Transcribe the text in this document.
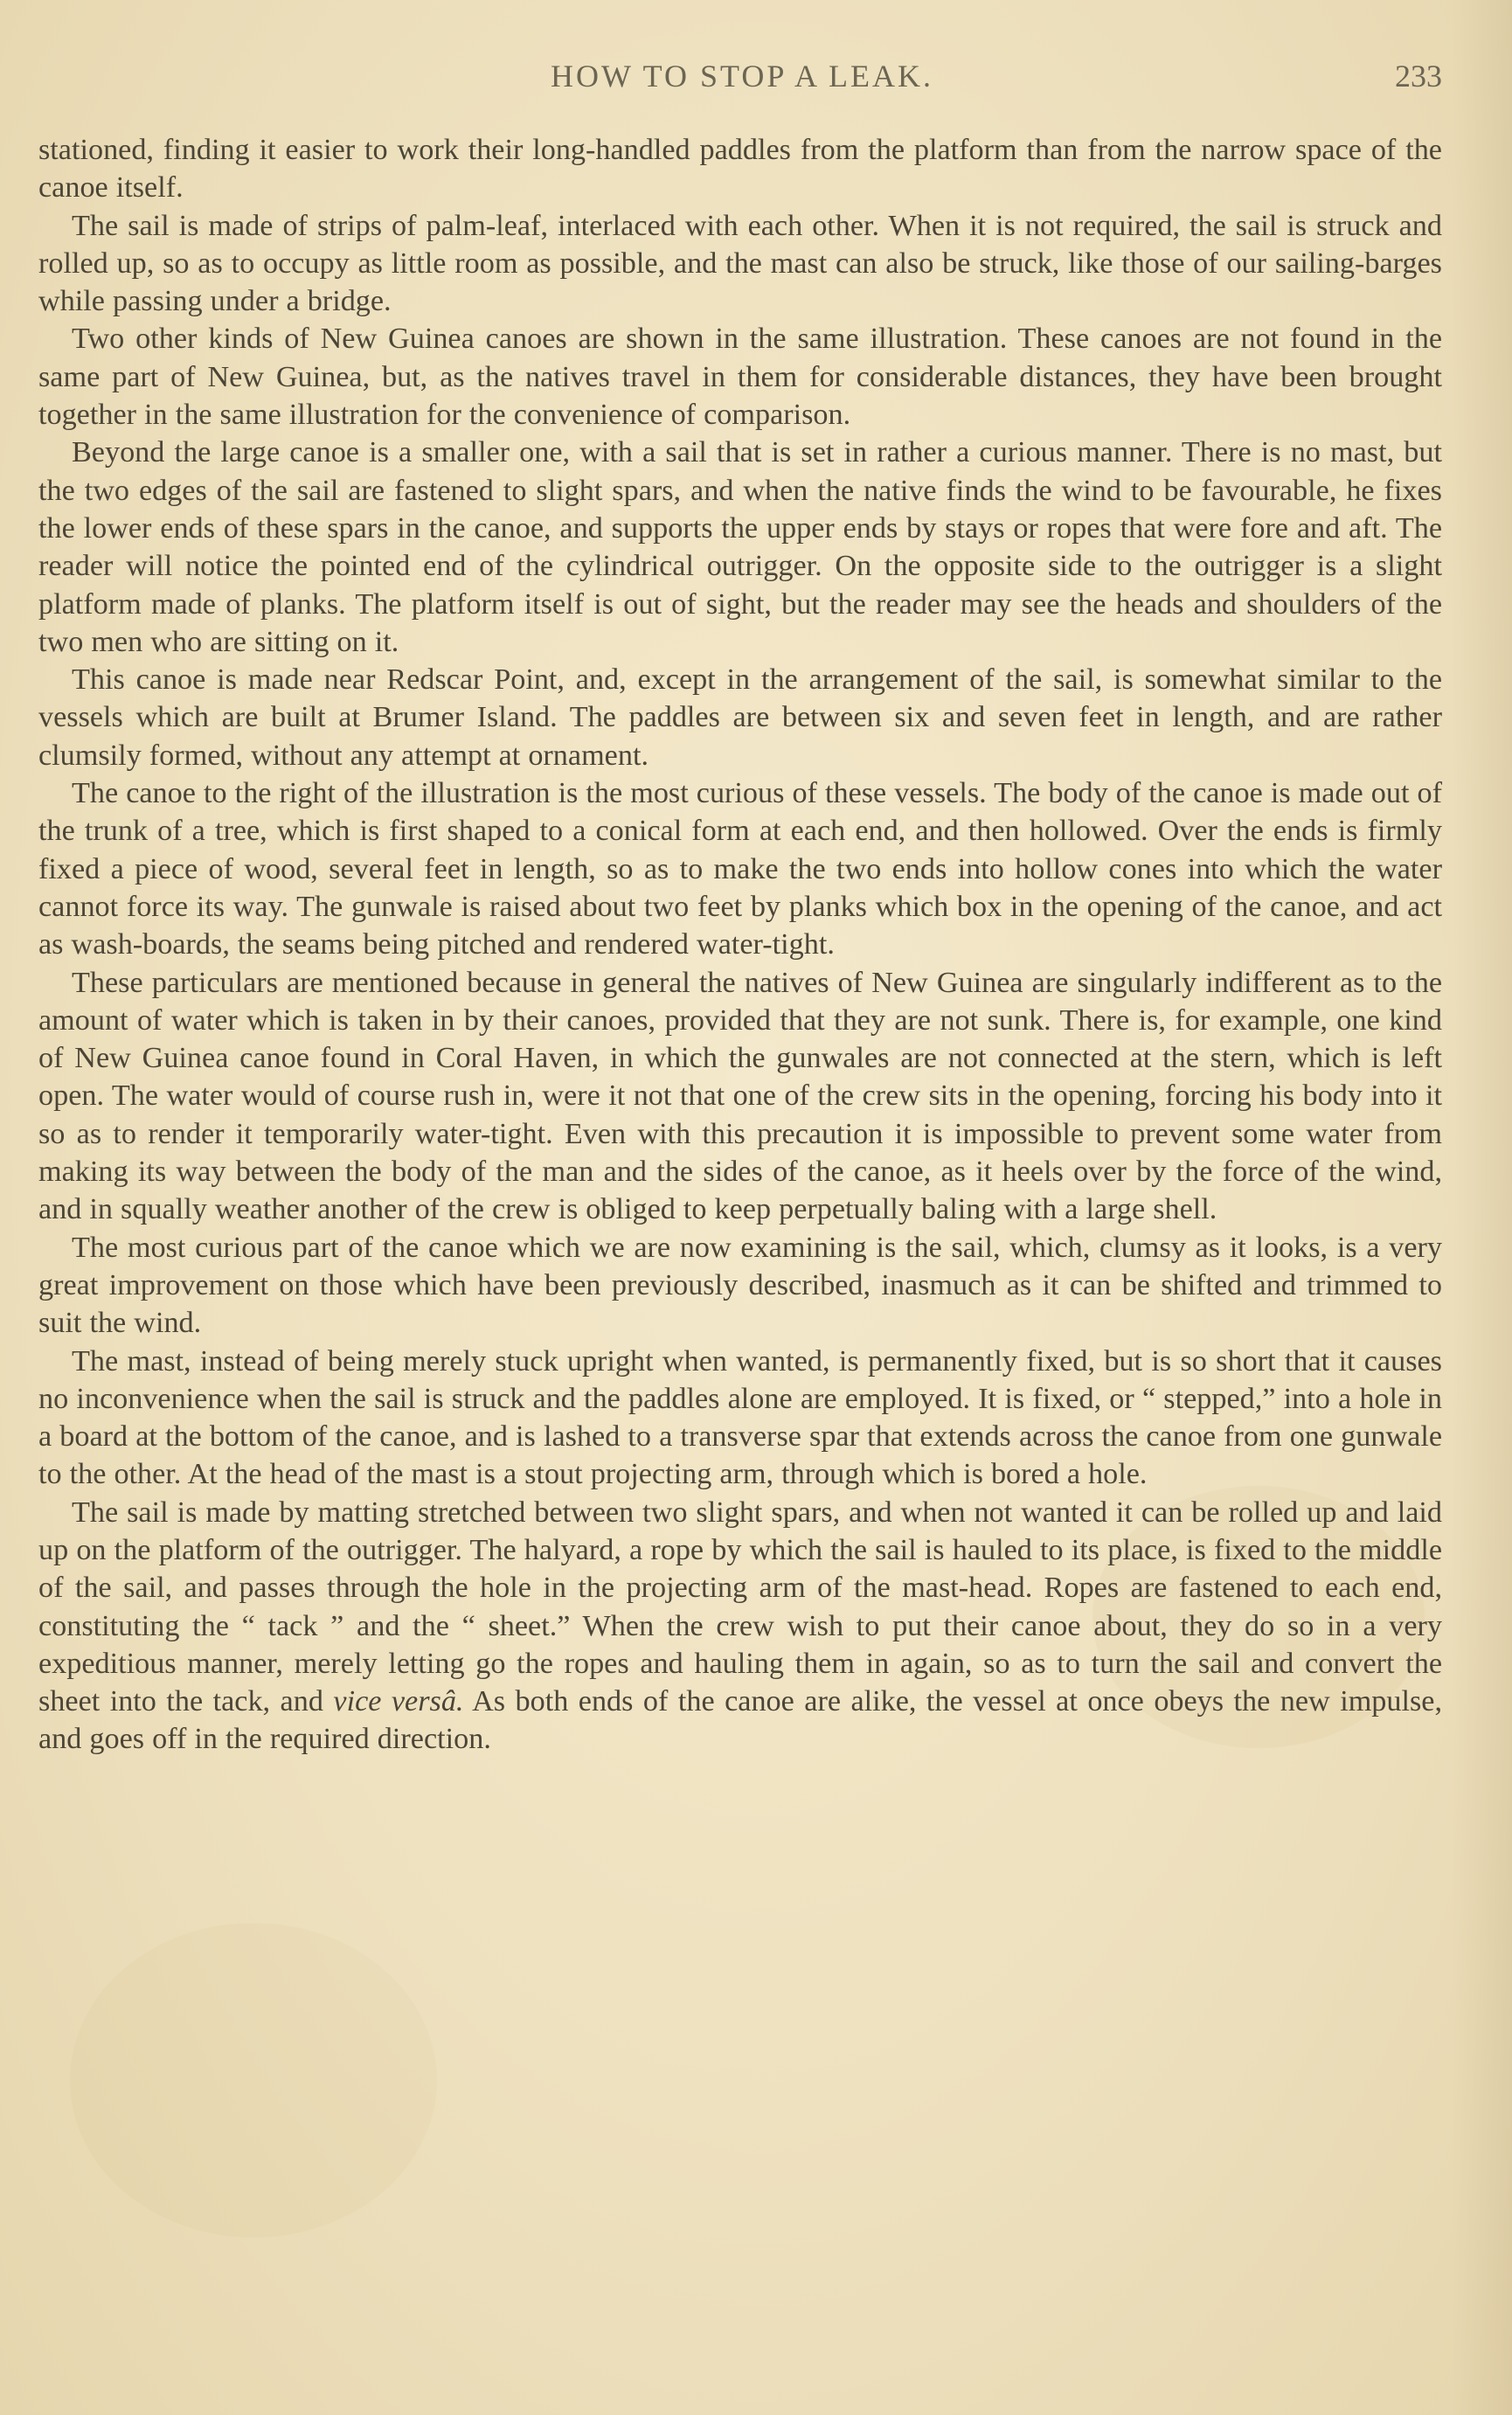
HOW TO STOP A LEAK.	233

stationed, finding it easier to work their long-handled paddles from the platform than from the narrow space of the canoe itself.

The sail is made of strips of palm-leaf, interlaced with each other. When it is not required, the sail is struck and rolled up, so as to occupy as little room as possible, and the mast can also be struck, like those of our sailing-barges while passing under a bridge.

Two other kinds of New Guinea canoes are shown in the same illustration. These canoes are not found in the same part of New Guinea, but, as the natives travel in them for considerable distances, they have been brought together in the same illustration for the convenience of comparison.

Beyond the large canoe is a smaller one, with a sail that is set in rather a curious manner. There is no mast, but the two edges of the sail are fastened to slight spars, and when the native finds the wind to be favourable, he fixes the lower ends of these spars in the canoe, and supports the upper ends by stays or ropes that were fore and aft. The reader will notice the pointed end of the cylindrical outrigger. On the opposite side to the outrigger is a slight platform made of planks. The platform itself is out of sight, but the reader may see the heads and shoulders of the two men who are sitting on it.

This canoe is made near Redscar Point, and, except in the arrangement of the sail, is somewhat similar to the vessels which are built at Brumer Island. The paddles are between six and seven feet in length, and are rather clumsily formed, without any attempt at ornament.

The canoe to the right of the illustration is the most curious of these vessels. The body of the canoe is made out of the trunk of a tree, which is first shaped to a conical form at each end, and then hollowed. Over the ends is firmly fixed a piece of wood, several feet in length, so as to make the two ends into hollow cones into which the water cannot force its way. The gunwale is raised about two feet by planks which box in the opening of the canoe, and act as wash-boards, the seams being pitched and rendered water-tight.

These particulars are mentioned because in general the natives of New Guinea are singularly indifferent as to the amount of water which is taken in by their canoes, provided that they are not sunk. There is, for example, one kind of New Guinea canoe found in Coral Haven, in which the gunwales are not connected at the stern, which is left open. The water would of course rush in, were it not that one of the crew sits in the opening, forcing his body into it so as to render it temporarily water-tight. Even with this precaution it is impossible to prevent some water from making its way between the body of the man and the sides of the canoe, as it heels over by the force of the wind, and in squally weather another of the crew is obliged to keep perpetually baling with a large shell.

The most curious part of the canoe which we are now examining is the sail, which, clumsy as it looks, is a very great improvement on those which have been previously described, inasmuch as it can be shifted and trimmed to suit the wind.

The mast, instead of being merely stuck upright when wanted, is permanently fixed, but is so short that it causes no inconvenience when the sail is struck and the paddles alone are employed. It is fixed, or “ stepped,” into a hole in a board at the bottom of the canoe, and is lashed to a transverse spar that extends across the canoe from one gunwale to the other. At the head of the mast is a stout projecting arm, through which is bored a hole.

The sail is made by matting stretched between two slight spars, and when not wanted it can be rolled up and laid up on the platform of the outrigger. The halyard, a rope by which the sail is hauled to its place, is fixed to the middle of the sail, and passes through the hole in the projecting arm of the mast-head. Ropes are fastened to each end, constituting the “ tack ” and the “ sheet.” When the crew wish to put their canoe about, they do so in a very expeditious manner, merely letting go the ropes and hauling them in again, so as to turn the sail and convert the sheet into the tack, and vice versâ. As both ends of the canoe are alike, the vessel at once obeys the new impulse, and goes off in the required direction.
